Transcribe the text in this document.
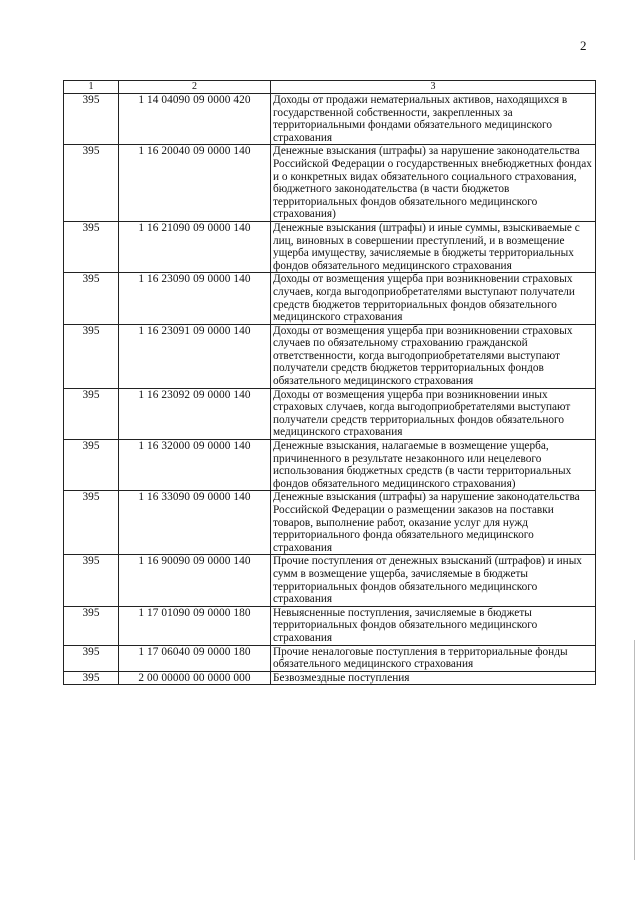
2
1	2	3
395	1 14 04090 09 0000 420	Доходы от продажи нематериальных активов, находящихся в государственной собственности, закрепленных за территориальными фондами обязательного медицинского страхования
395	1 16 20040 09 0000 140	Денежные взыскания (штрафы) за нарушение законодательства Российской Федерации о государственных внебюджетных фондах и о конкретных видах обязательного социального страхования, бюджетного законодательства (в части бюджетов территориальных фондов обязательного медицинского страхования)
395	1 16 21090 09 0000 140	Денежные взыскания (штрафы) и иные суммы, взыскиваемые с лиц, виновных в совершении преступлений, и в возмещение ущерба имуществу, зачисляемые в бюджеты территориальных фондов обязательного медицинского страхования
395	1 16 23090 09 0000 140	Доходы от возмещения ущерба при возникновении страховых случаев, когда выгодоприобретателями выступают получатели средств бюджетов территориальных фондов обязательного медицинского страхования
395	1 16 23091 09 0000 140	Доходы от возмещения ущерба при возникновении страховых случаев по обязательному страхованию гражданской ответственности, когда выгодоприобретателями выступают получатели средств бюджетов территориальных фондов обязательного медицинского страхования
395	1 16 23092 09 0000 140	Доходы от возмещения ущерба при возникновении иных страховых случаев, когда выгодоприобретателями выступают получатели средств территориальных фондов обязательного медицинского страхования
395	1 16 32000 09 0000 140	Денежные взыскания, налагаемые в возмещение ущерба, причиненного в результате незаконного или нецелевого использования бюджетных средств (в части территориальных фондов обязательного медицинского страхования)
395	1 16 33090 09 0000 140	Денежные взыскания (штрафы) за нарушение законодательства Российской Федерации о размещении заказов на поставки товаров, выполнение работ, оказание услуг для нужд территориального фонда обязательного медицинского страхования
395	1 16 90090 09 0000 140	Прочие поступления от денежных взысканий (штрафов) и иных сумм в возмещение ущерба, зачисляемые в бюджеты территориальных фондов обязательного медицинского страхования
395	1 17 01090 09 0000 180	Невыясненные поступления, зачисляемые в бюджеты территориальных фондов обязательного медицинского страхования
395	1 17 06040 09 0000 180	Прочие неналоговые поступления в территориальные фонды обязательного медицинского страхования
395	2 00 00000 00 0000 000	Безвозмездные поступления
